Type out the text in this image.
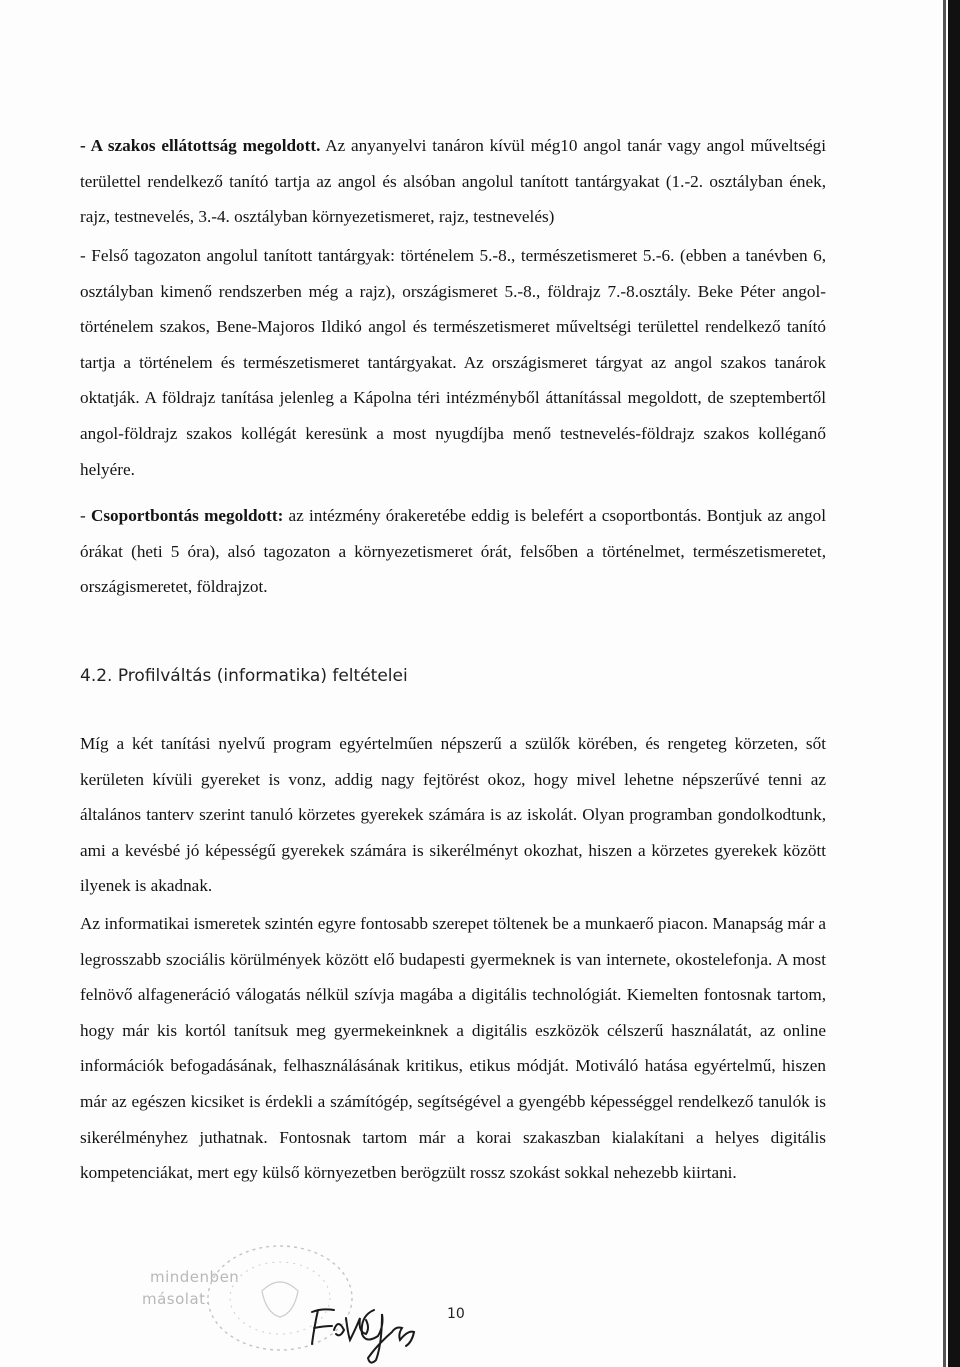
- A szakos ellátottság megoldott. Az anyanyelvi tanáron kívül még10 angol tanár vagy angol műveltségi területtel rendelkező tanító tartja az angol és alsóban angolul tanított tantárgyakat (1.-2. osztályban ének, rajz, testnevelés, 3.-4. osztályban környezetismeret, rajz, testnevelés)

- Felső tagozaton angolul tanított tantárgyak: történelem 5.-8., természetismeret 5.-6. (ebben a tanévben 6, osztályban kimenő rendszerben még a rajz), országismeret 5.-8., földrajz 7.-8.osztály. Beke Péter angol-történelem szakos, Bene-Majoros Ildikó angol és természetismeret műveltségi területtel rendelkező tanító tartja a történelem és természetismeret tantárgyakat. Az országismeret tárgyat az angol szakos tanárok oktatják. A földrajz tanítása jelenleg a Kápolna téri intézményből áttanítással megoldott, de szeptembertől angol-földrajz szakos kollégát keresünk a most nyugdíjba menő testnevelés-földrajz szakos kolléganő helyére.

- Csoportbontás megoldott: az intézmény órakeretébe eddig is belefért a csoportbontás. Bontjuk az angol órákat (heti 5 óra), alsó tagozaton a környezetismeret órát, felsőben a történelmet, természetismeretet, országismeretet, földrajzot.

4.2. Profilváltás (informatika) feltételei

Míg a két tanítási nyelvű program egyértelműen népszerű a szülők körében, és rengeteg körzeten, sőt kerületen kívüli gyereket is vonz, addig nagy fejtörést okoz, hogy mivel lehetne népszerűvé tenni az általános tanterv szerint tanuló körzetes gyerekek számára is az iskolát. Olyan programban gondolkodtunk, ami a kevésbé jó képességű gyerekek számára is sikerélményt okozhat, hiszen a körzetes gyerekek között ilyenek is akadnak.

Az informatikai ismeretek szintén egyre fontosabb szerepet töltenek be a munkaerő piacon. Manapság már a legrosszabb szociális körülmények között elő budapesti gyermeknek is van internete, okostelefonja. A most felnövő alfageneráció válogatás nélkül szívja magába a digitális technológiát. Kiemelten fontosnak tartom, hogy már kis kortól tanítsuk meg gyermekeinknek a digitális eszközök célszerű használatát, az online információk befogadásának, felhasználásának kritikus, etikus módját. Motiváló hatása egyértelmű, hiszen már az egészen kicsiket is érdekli a számítógép, segítségével a gyengébb képességgel rendelkező tanulók is sikerélményhez juthatnak. Fontosnak tartom már a korai szakaszban kialakítani a helyes digitális kompetenciákat, mert egy külső környezetben berögzült rossz szokást sokkal nehezebb kiirtani.

mindenben
másolat.
10
